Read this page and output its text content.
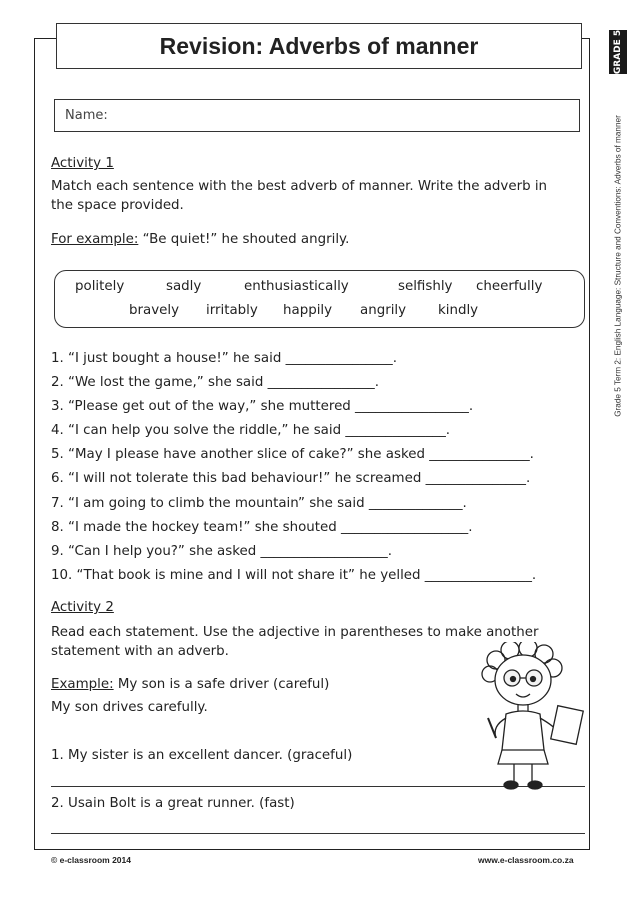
Revision: Adverbs of manner	GRADE 5
Grade 5 Term 2: English Language: Structure and Conventions: Adverbs of manner
Name:
Activity 1
Match each sentence with the best adverb of manner. Write the adverb in
the space provided.
For example: “Be quiet!” he shouted angrily.
politely	sadly	enthusiastically	selfishly cheerfully
bravely irritably happily angrily kindly
1. “I just bought a house!” he said ________________.
2. “We lost the game,” she said ________________.
3. “Please get out of the way,” she muttered _________________.
4. “I can help you solve the riddle,” he said _______________.
5. “May I please have another slice of cake?” she asked _______________.
6. “I will not tolerate this bad behaviour!” he screamed _______________.
7. “I am going to climb the mountain” she said ______________.
8. “I made the hockey team!” she shouted ___________________.
9. “Can I help you?” she asked ___________________.
10. “That book is mine and I will not share it” he yelled ________________.
Activity 2
Read each statement. Use the adjective in parentheses to make another
statement with an adverb.
Example: My son is a safe driver (careful)
My son drives carefully.
1. My sister is an excellent dancer. (graceful)
2. Usain Bolt is a great runner. (fast)
© e-classroom 2014	www.e-classroom.co.za
